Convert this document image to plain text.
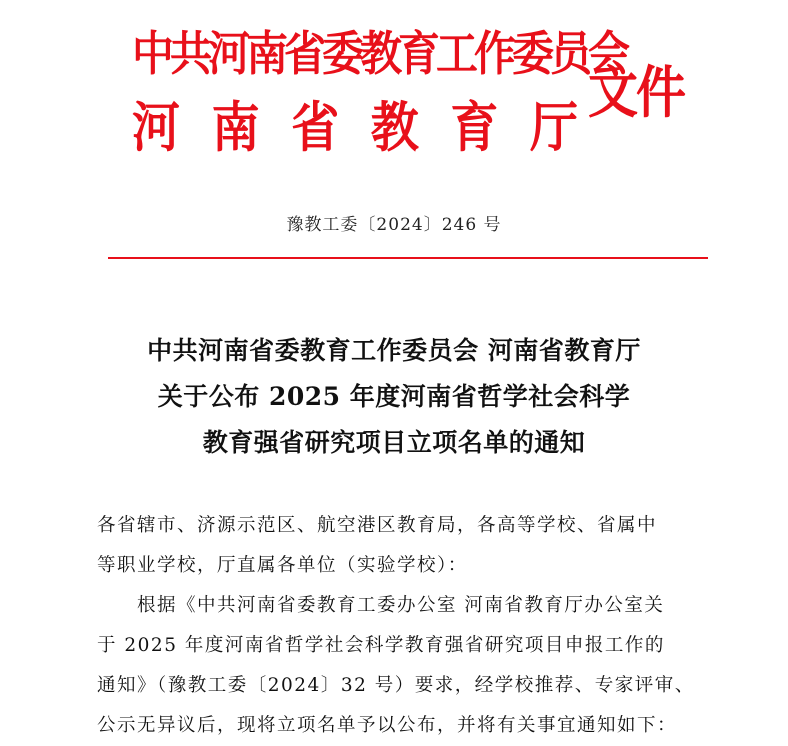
中共河南省委教育工作委员会
河 南 省 教 育 厅
文件
豫教工委〔2024〕246 号
中共河南省委教育工作委员会 河南省教育厅
关于公布 2025 年度河南省哲学社会科学
教育强省研究项目立项名单的通知
各省辖市、济源示范区、航空港区教育局，各高等学校、省属中
等职业学校，厅直属各单位（实验学校）：
根据《中共河南省委教育工委办公室 河南省教育厅办公室关
于 2025 年度河南省哲学社会科学教育强省研究项目申报工作的
通知》（豫教工委〔2024〕32 号）要求，经学校推荐、专家评审、
公示无异议后，现将立项名单予以公布，并将有关事宜通知如下：
